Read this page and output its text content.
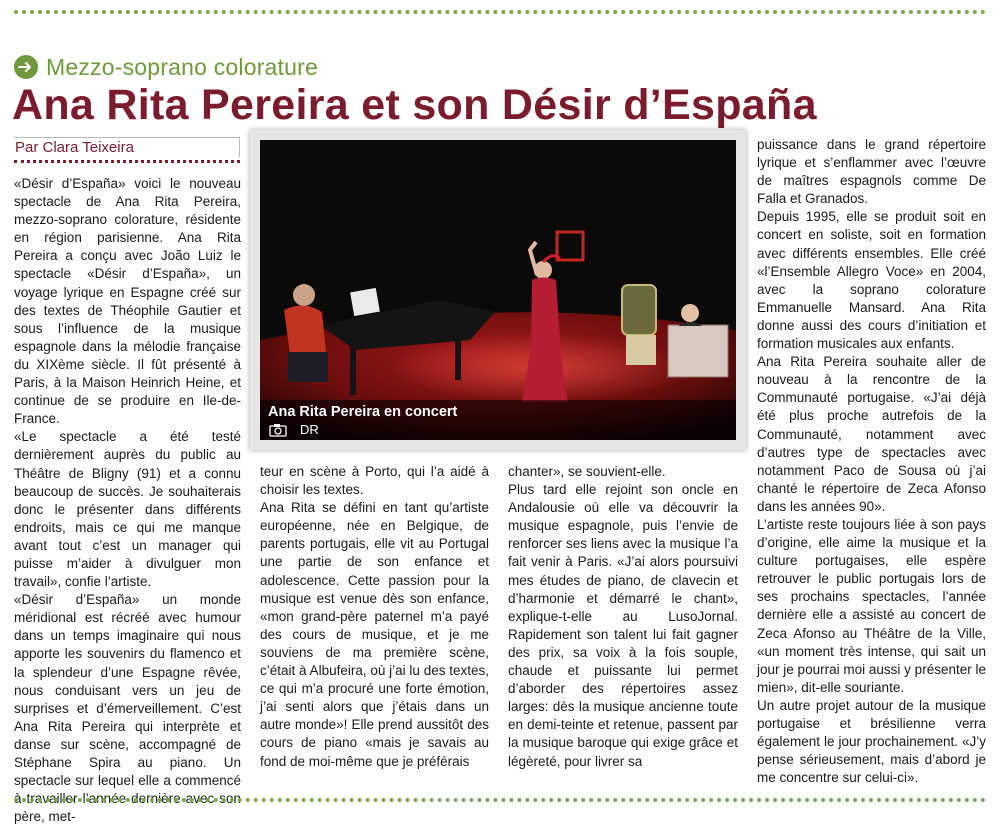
Mezzo-soprano colorature
Ana Rita Pereira et son Désir d’España
Par Clara Teixeira

«Désir d’España» voici le nouveau spectacle de Ana Rita Pereira, mezzo-soprano colorature, résidente en région parisienne. Ana Rita Pereira a conçu avec João Luiz le spectacle «Désir d’España», un voyage lyrique en Espagne créé sur des textes de Théophile Gautier et sous l’influence de la musique espagnole dans la mélodie française du XIXème siècle. Il fût présenté à Paris, à la Maison Heinrich Heine, et continue de se produire en Ile-de-France.

«Le spectacle a été testé dernièrement auprès du public au Théâtre de Bligny (91) et a connu beaucoup de succès. Je souhaiterais donc le présenter dans différents endroits, mais ce qui me manque avant tout c’est un manager qui puisse m’aider à divulguer mon travail», confie l’artiste.

«Désir d’España» un monde méridional est récréé avec humour dans un temps imaginaire qui nous apporte les souvenirs du flamenco et la splendeur d’une Espagne rêvée, nous conduisant vers un jeu de surprises et d’émerveillement. C’est Ana Rita Pereira qui interprète et danse sur scène, accompagné de Stéphane Spira au piano. Un spectacle sur lequel elle a commencé à travailler l’année dernière avec son père, met-

Ana Rita Pereira en concert
DR

teur en scène à Porto, qui l’a aidé à choisir les textes.

Ana Rita se défini en tant qu’artiste européenne, née en Belgique, de parents portugais, elle vit au Portugal une partie de son enfance et adolescence. Cette passion pour la musique est venue dès son enfance, «mon grand-père paternel m’a payé des cours de musique, et je me souviens de ma première scène, c’était à Albufeira, où j’ai lu des textes, ce qui m’a procuré une forte émotion, j’ai senti alors que j’étais dans un autre monde»! Elle prend aussitôt des cours de piano «mais je savais au fond de moi-même que je préférais

chanter», se souvient-elle.

Plus tard elle rejoint son oncle en Andalousie où elle va découvrir la musique espagnole, puis l’envie de renforcer ses liens avec la musique l’a fait venir à Paris. «J’ai alors poursuivi mes études de piano, de clavecin et d’harmonie et démarré le chant», explique-t-elle au LusoJornal. Rapidement son talent lui fait gagner des prix, sa voix à la fois souple, chaude et puissante lui permet d’aborder des répertoires assez larges: dès la musique ancienne toute en demi-teinte et retenue, passent par la musique baroque qui exige grâce et légèreté, pour livrer sa

puissance dans le grand répertoire lyrique et s’enflammer avec l’œuvre de maîtres espagnols comme De Falla et Granados.

Depuis 1995, elle se produit soit en concert en soliste, soit en formation avec différents ensembles. Elle créé «l’Ensemble Allegro Voce» en 2004, avec la soprano colorature Emmanuelle Mansard. Ana Rita donne aussi des cours d’initiation et formation musicales aux enfants.

Ana Rita Pereira souhaite aller de nouveau à la rencontre de la Communauté portugaise. «J’ai déjà été plus proche autrefois de la Communauté, notamment avec d’autres type de spectacles avec notamment Paco de Sousa où j’ai chanté le répertoire de Zeca Afonso dans les années 90».

L’artiste reste toujours liée à son pays d’origine, elle aime la musique et la culture portugaises, elle espère retrouver le public portugais lors de ses prochains spectacles, l’année dernière elle a assisté au concert de Zeca Afonso au Théâtre de la Ville, «un moment très intense, qui sait un jour je pourrai moi aussi y présenter le mien», dit-elle souriante.

Un autre projet autour de la musique portugaise et brésilienne verra également le jour prochainement. «J’y pense sérieusement, mais d’abord je me concentre sur celui-ci».
